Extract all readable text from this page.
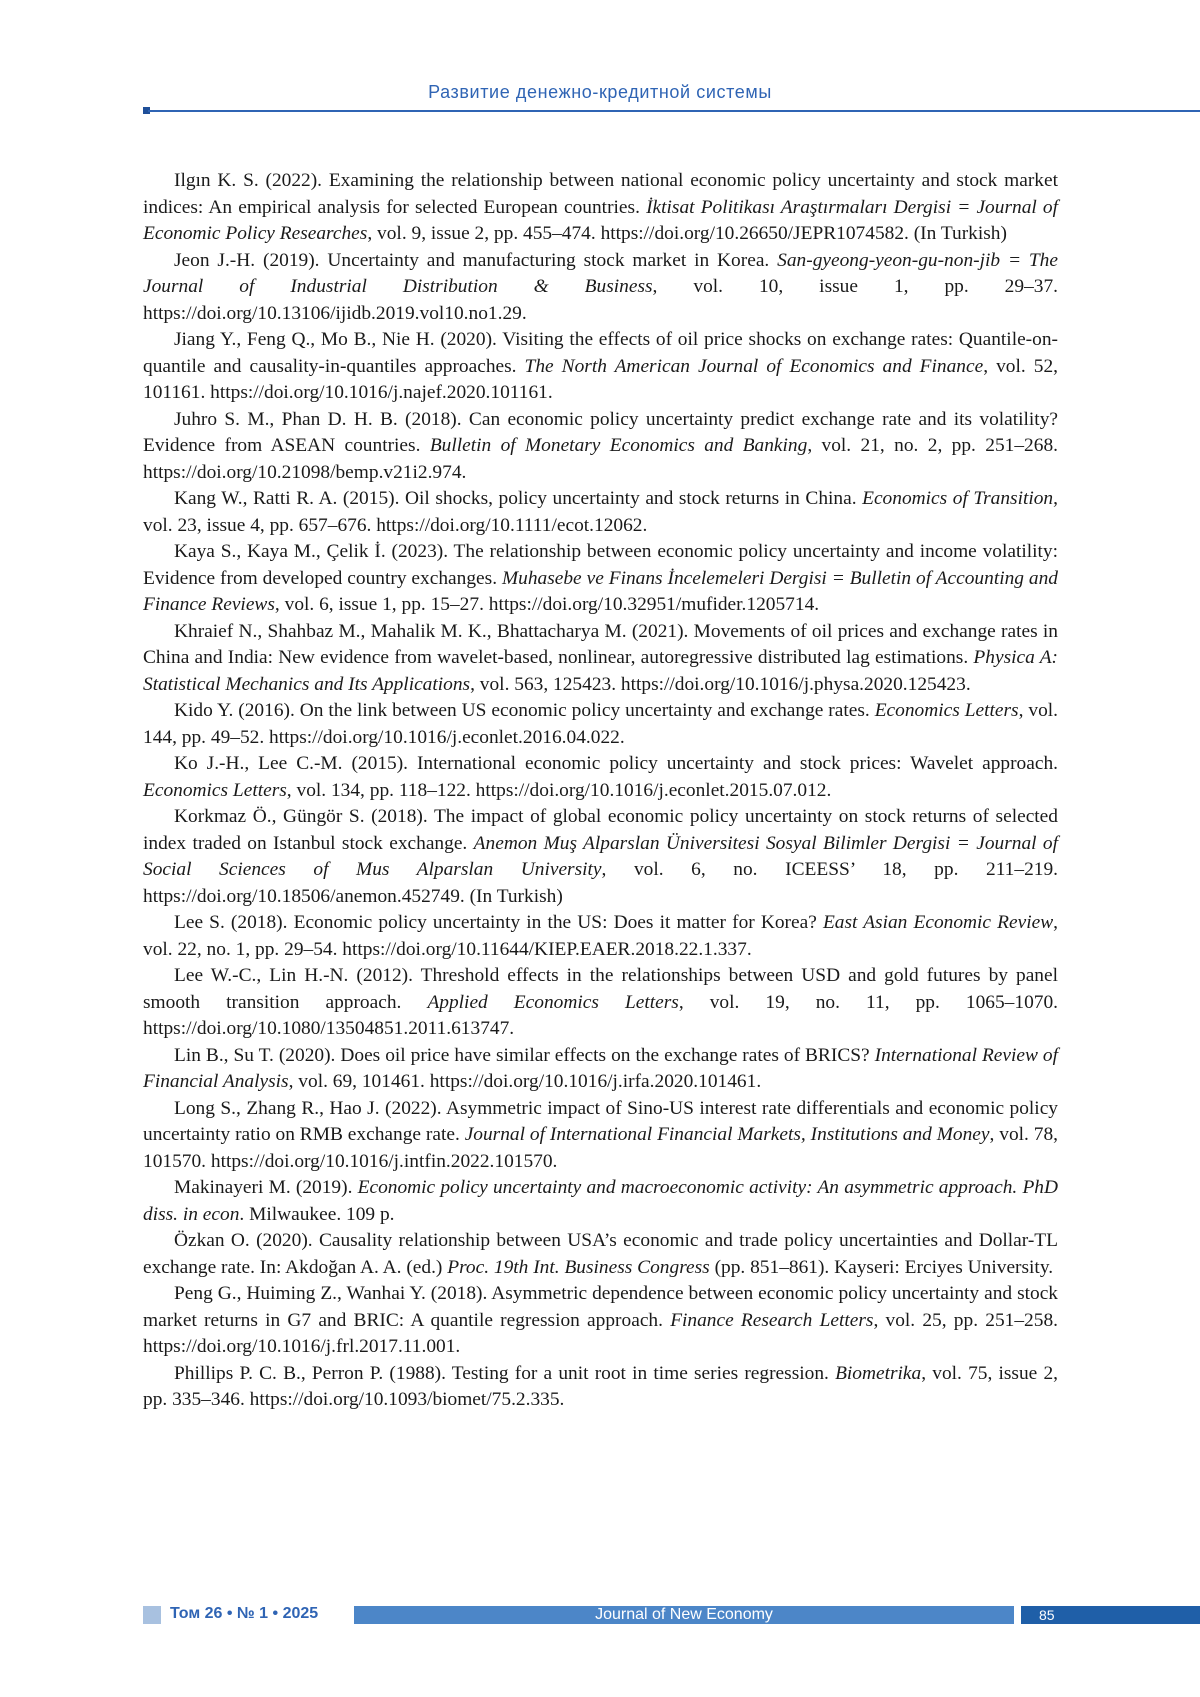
Развитие денежно-кредитной системы

Ilgın K. S. (2022). Examining the relationship between national economic policy uncertainty and stock market indices: An empirical analysis for selected European countries. İktisat Politikası Araştırmaları Dergisi = Journal of Economic Policy Researches, vol. 9, issue 2, pp. 455–474. https://doi.org/10.26650/JEPR1074582. (In Turkish)

Jeon J.-H. (2019). Uncertainty and manufacturing stock market in Korea. San-gyeong-yeon-gu-non-jib = The Journal of Industrial Distribution & Business, vol. 10, issue 1, pp. 29–37. https://doi.org/10.13106/ijidb.2019.vol10.no1.29.

Jiang Y., Feng Q., Mo B., Nie H. (2020). Visiting the effects of oil price shocks on exchange rates: Quantile-on-quantile and causality-in-quantiles approaches. The North American Journal of Economics and Finance, vol. 52, 101161. https://doi.org/10.1016/j.najef.2020.101161.

Juhro S. M., Phan D. H. B. (2018). Can economic policy uncertainty predict exchange rate and its volatility? Evidence from ASEAN countries. Bulletin of Monetary Economics and Banking, vol. 21, no. 2, pp. 251–268. https://doi.org/10.21098/bemp.v21i2.974.

Kang W., Ratti R. A. (2015). Oil shocks, policy uncertainty and stock returns in China. Economics of Transition, vol. 23, issue 4, pp. 657–676. https://doi.org/10.1111/ecot.12062.

Kaya S., Kaya M., Çelik İ. (2023). The relationship between economic policy uncertainty and income volatility: Evidence from developed country exchanges. Muhasebe ve Finans İncelemeleri Dergisi = Bulletin of Accounting and Finance Reviews, vol. 6, issue 1, pp. 15–27. https://doi.org/10.32951/mufider.1205714.

Khraief N., Shahbaz M., Mahalik M. K., Bhattacharya M. (2021). Movements of oil prices and exchange rates in China and India: New evidence from wavelet-based, nonlinear, autoregressive distributed lag estimations. Physica A: Statistical Mechanics and Its Applications, vol. 563, 125423. https://doi.org/10.1016/j.physa.2020.125423.

Kido Y. (2016). On the link between US economic policy uncertainty and exchange rates. Economics Letters, vol. 144, pp. 49–52. https://doi.org/10.1016/j.econlet.2016.04.022.

Ko J.-H., Lee C.-M. (2015). International economic policy uncertainty and stock prices: Wavelet approach. Economics Letters, vol. 134, pp. 118–122. https://doi.org/10.1016/j.econlet.2015.07.012.

Korkmaz Ö., Güngör S. (2018). The impact of global economic policy uncertainty on stock returns of selected index traded on Istanbul stock exchange. Anemon Muş Alparslan Üniversitesi Sosyal Bilimler Dergisi = Journal of Social Sciences of Mus Alparslan University, vol. 6, no. ICEESS’ 18, pp. 211–219. https://doi.org/10.18506/anemon.452749. (In Turkish)

Lee S. (2018). Economic policy uncertainty in the US: Does it matter for Korea? East Asian Economic Review, vol. 22, no. 1, pp. 29–54. https://doi.org/10.11644/KIEP.EAER.2018.22.1.337.

Lee W.-C., Lin H.-N. (2012). Threshold effects in the relationships between USD and gold futures by panel smooth transition approach. Applied Economics Letters, vol. 19, no. 11, pp. 1065–1070. https://doi.org/10.1080/13504851.2011.613747.

Lin B., Su T. (2020). Does oil price have similar effects on the exchange rates of BRICS? International Review of Financial Analysis, vol. 69, 101461. https://doi.org/10.1016/j.irfa.2020.101461.

Long S., Zhang R., Hao J. (2022). Asymmetric impact of Sino-US interest rate differentials and economic policy uncertainty ratio on RMB exchange rate. Journal of International Financial Markets, Institutions and Money, vol. 78, 101570. https://doi.org/10.1016/j.intfin.2022.101570.

Makinayeri M. (2019). Economic policy uncertainty and macroeconomic activity: An asymmetric approach. PhD diss. in econ. Milwaukee. 109 p.

Özkan O. (2020). Causality relationship between USA’s economic and trade policy uncertainties and Dollar-TL exchange rate. In: Akdoğan A. A. (ed.) Proc. 19th Int. Business Congress (pp. 851–861). Kayseri: Erciyes University.

Peng G., Huiming Z., Wanhai Y. (2018). Asymmetric dependence between economic policy uncertainty and stock market returns in G7 and BRIC: A quantile regression approach. Finance Research Letters, vol. 25, pp. 251–258. https://doi.org/10.1016/j.frl.2017.11.001.

Phillips P. C. B., Perron P. (1988). Testing for a unit root in time series regression. Biometrika, vol. 75, issue 2, pp. 335–346. https://doi.org/10.1093/biomet/75.2.335.

Том 26 • № 1 • 2025	Journal of New Economy	85
